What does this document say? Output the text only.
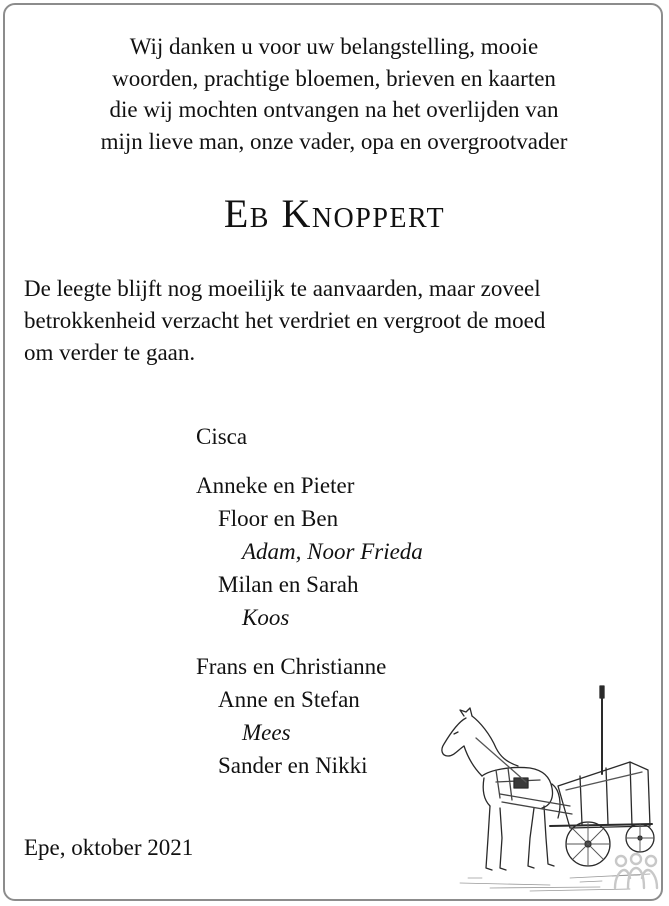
Wij danken u voor uw belangstelling, mooie
woorden, prachtige bloemen, brieven en kaarten
die wij mochten ontvangen na het overlijden van
mijn lieve man, onze vader, opa en overgrootvader

Eb Knoppert

De leegte blijft nog moeilijk te aanvaarden, maar zoveel
betrokkenheid verzacht het verdriet en vergroot de moed
om verder te gaan.

Cisca
Anneke en Pieter
Floor en Ben
Adam, Noor Frieda
Milan en Sarah
Koos
Frans en Christianne
Anne en Stefan
Mees
Sander en Nikki

Epe, oktober 2021
